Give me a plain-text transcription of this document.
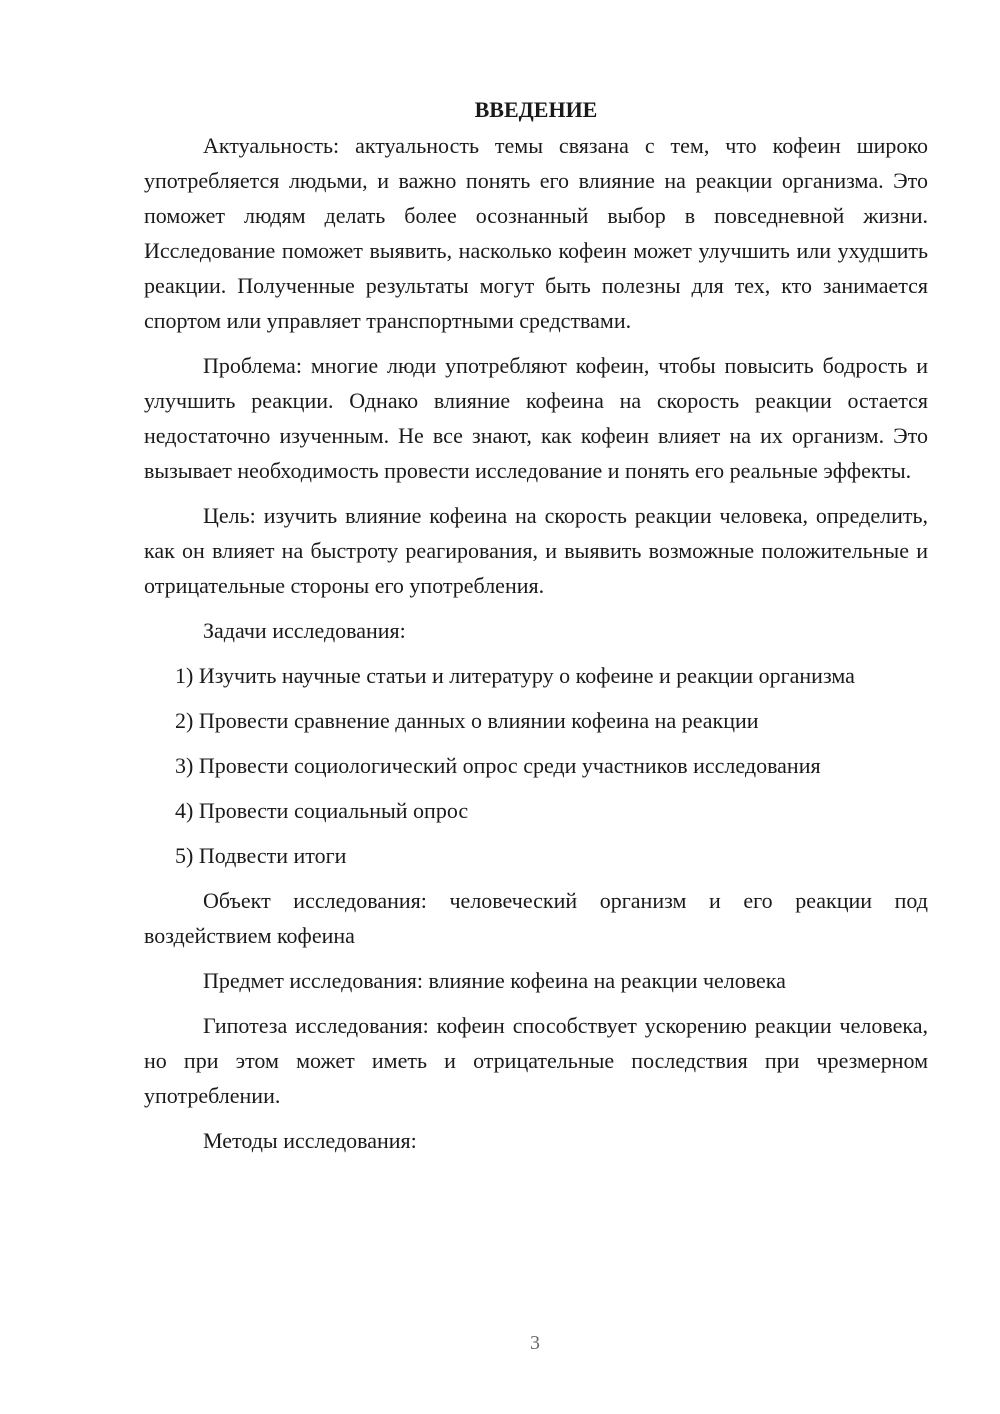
ВВЕДЕНИЕ

Актуальность: актуальность темы связана с тем, что кофеин широко употребляется людьми, и важно понять его влияние на реакции организма. Это поможет людям делать более осознанный выбор в повседневной жизни. Исследование поможет выявить, насколько кофеин может улучшить или ухудшить реакции. Полученные результаты могут быть полезны для тех, кто занимается спортом или управляет транспортными средствами.

Проблема: многие люди употребляют кофеин, чтобы повысить бодрость и улучшить реакции. Однако влияние кофеина на скорость реакции остается недостаточно изученным. Не все знают, как кофеин влияет на их организм. Это вызывает необходимость провести исследование и понять его реальные эффекты.

Цель: изучить влияние кофеина на скорость реакции человека, определить, как он влияет на быстроту реагирования, и выявить возможные положительные и отрицательные стороны его употребления.

Задачи исследования:

1) Изучить научные статьи и литературу о кофеине и реакции организма

2) Провести сравнение данных о влиянии кофеина на реакции

3) Провести социологический опрос среди участников исследования

4) Провести социальный опрос

5) Подвести итоги

Объект исследования: человеческий организм и его реакции под воздействием кофеина

Предмет исследования: влияние кофеина на реакции человека

Гипотеза исследования: кофеин способствует ускорению реакции человека, но при этом может иметь и отрицательные последствия при чрезмерном употреблении.

Методы исследования:

3
